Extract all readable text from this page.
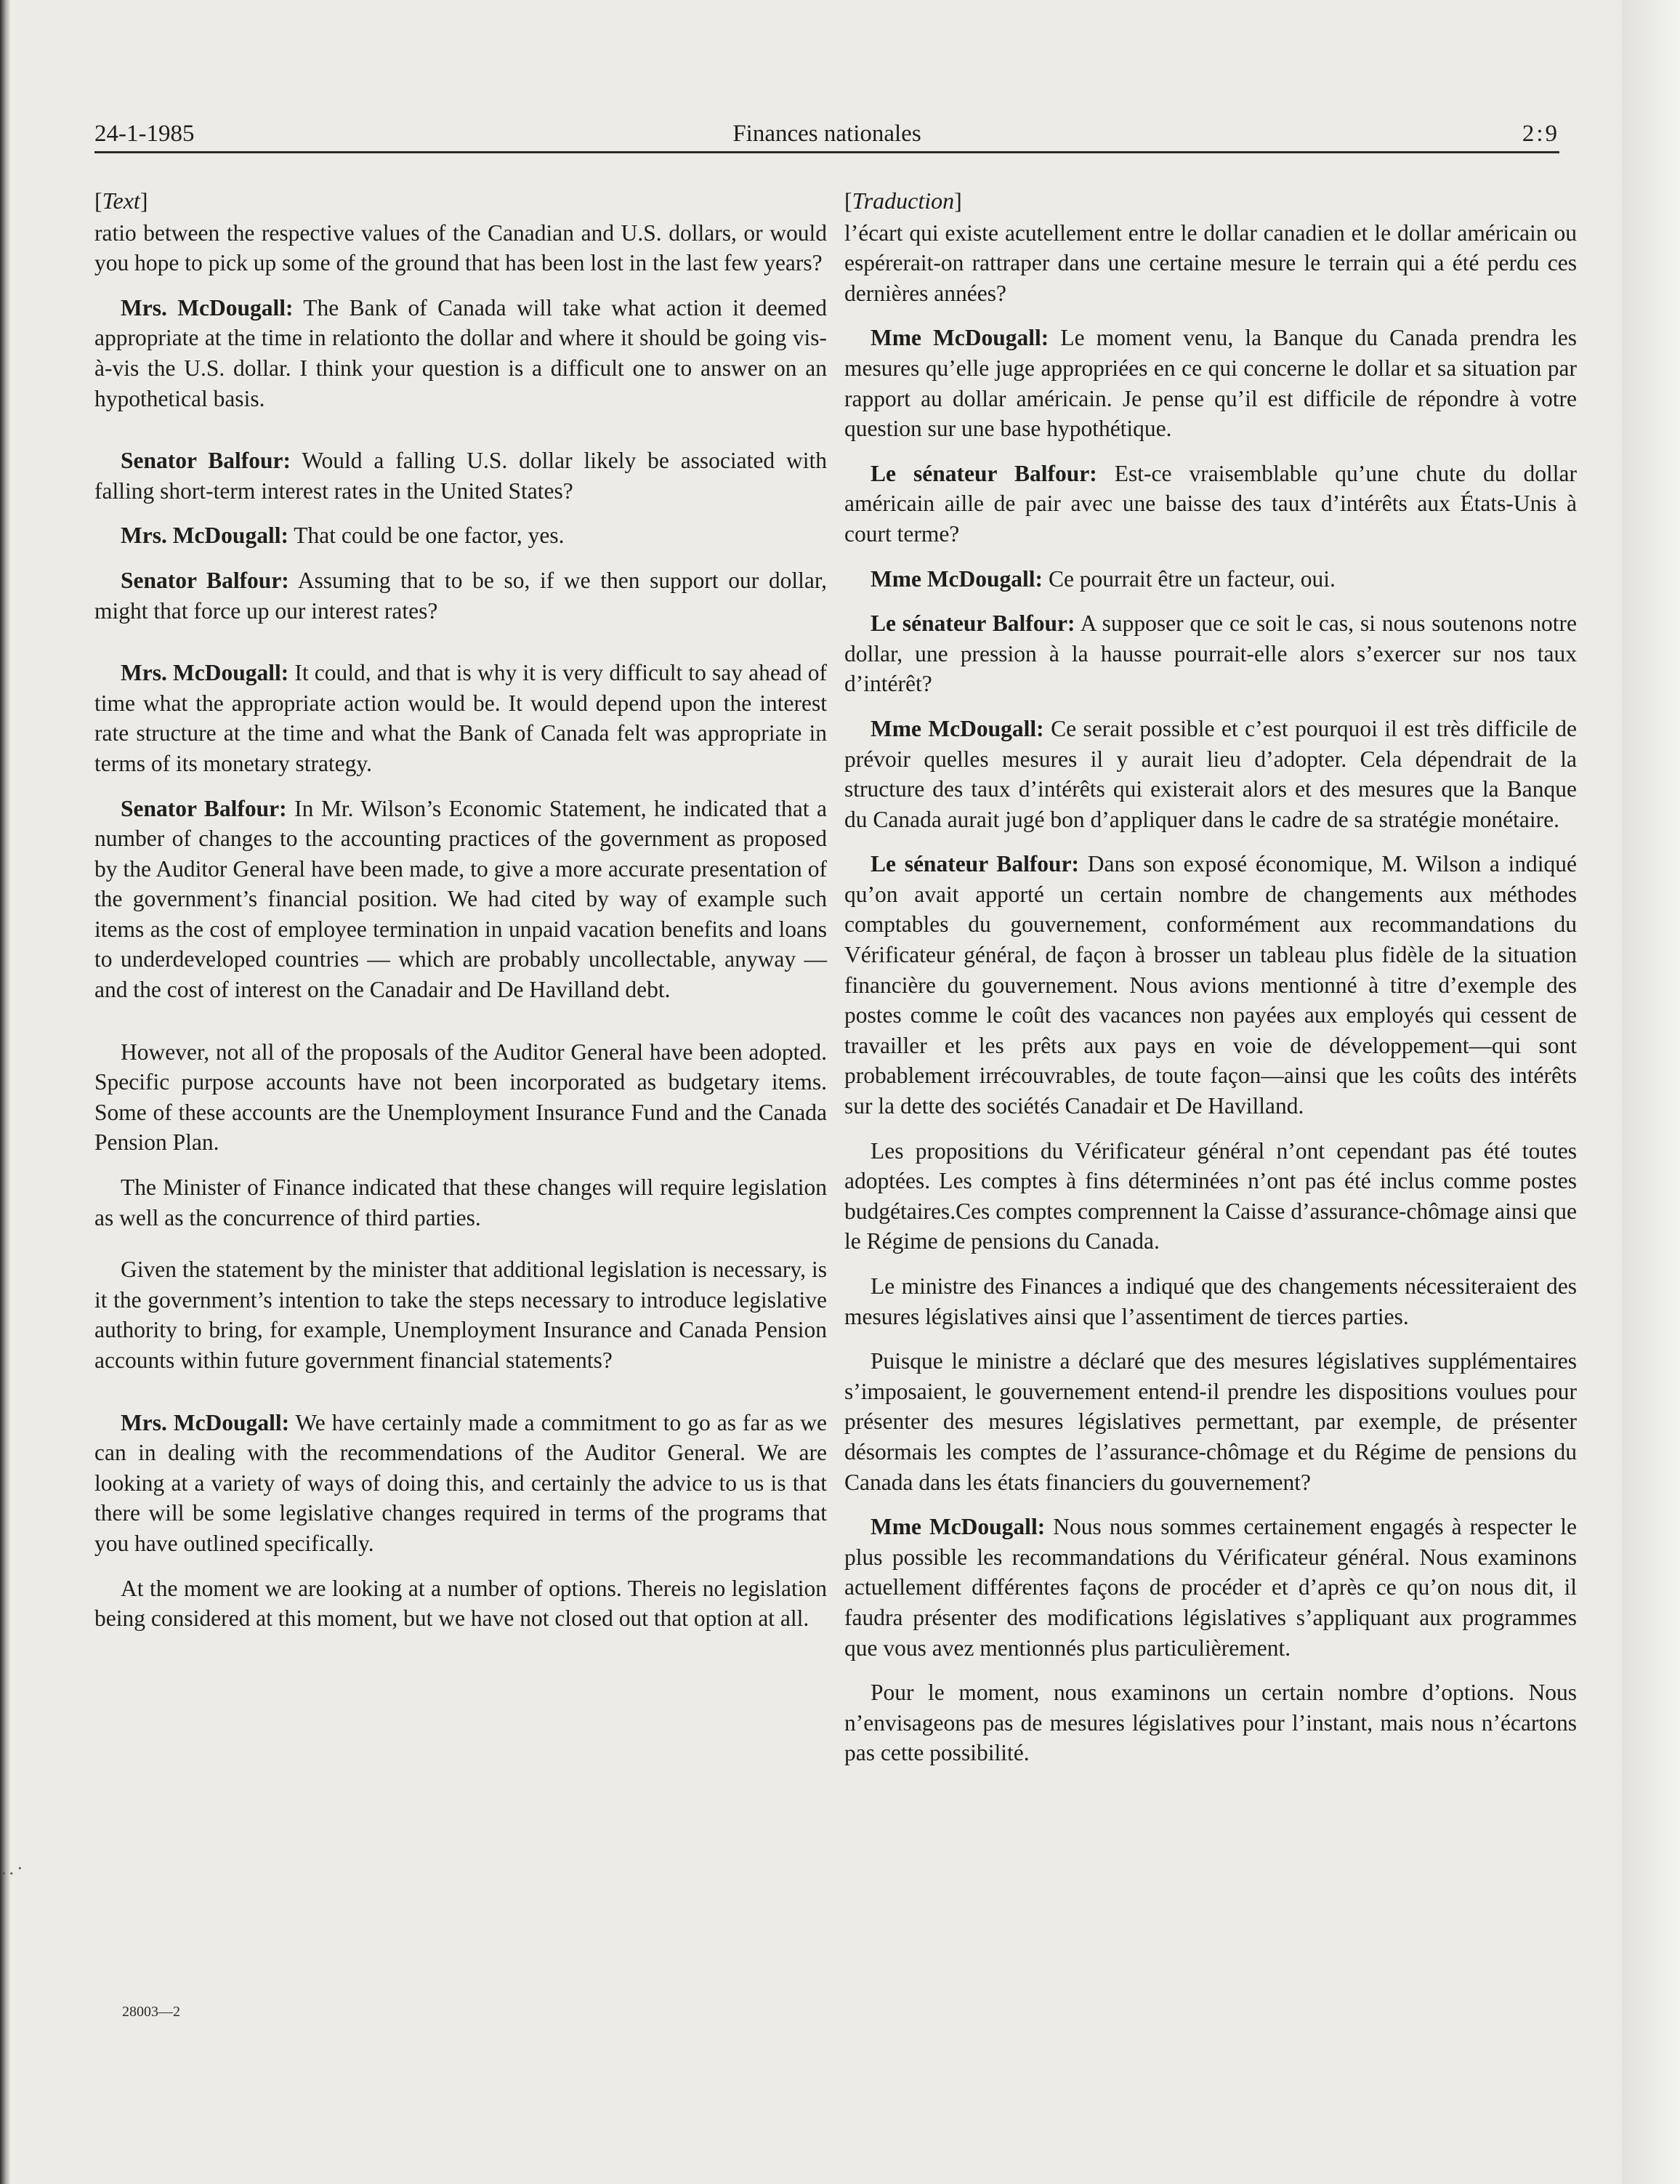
..·
24-1-1985	Finances nationales	2:9
[Text]

ratio between the respective values of the Canadian and U.S. dollars, or would you hope to pick up some of the ground that has been lost in the last few years?

Mrs. McDougall: The Bank of Canada will take what action it deemed appropriate at the time in relationto the dollar and where it should be going vis-à-vis the U.S. dollar. I think your question is a difficult one to answer on an hypothetical basis.

Senator Balfour: Would a falling U.S. dollar likely be associated with falling short-term interest rates in the United States?

Mrs. McDougall: That could be one factor, yes.

Senator Balfour: Assuming that to be so, if we then support our dollar, might that force up our interest rates?

Mrs. McDougall: It could, and that is why it is very difficult to say ahead of time what the appropriate action would be. It would depend upon the interest rate structure at the time and what the Bank of Canada felt was appropriate in terms of its monetary strategy.

Senator Balfour: In Mr. Wilson’s Economic Statement, he indicated that a number of changes to the accounting practices of the government as proposed by the Auditor General have been made, to give a more accurate presentation of the government’s financial position. We had cited by way of example such items as the cost of employee termination in unpaid vacation benefits and loans to underdeveloped countries — which are probably uncollectable, anyway — and the cost of interest on the Canadair and De Havilland debt.

However, not all of the proposals of the Auditor General have been adopted. Specific purpose accounts have not been incorporated as budgetary items. Some of these accounts are the Unemployment Insurance Fund and the Canada Pension Plan.

The Minister of Finance indicated that these changes will require legislation as well as the concurrence of third parties.

Given the statement by the minister that additional legislation is necessary, is it the government’s intention to take the steps necessary to introduce legislative authority to bring, for example, Unemployment Insurance and Canada Pension accounts within future government financial statements?

Mrs. McDougall: We have certainly made a commitment to go as far as we can in dealing with the recommendations of the Auditor General. We are looking at a variety of ways of doing this, and certainly the advice to us is that there will be some legislative changes required in terms of the programs that you have outlined specifically.

At the moment we are looking at a number of options. Thereis no legislation being considered at this moment, but we have not closed out that option at all.

[Traduction]

l’écart qui existe acutellement entre le dollar canadien et le dollar américain ou espérerait-on rattraper dans une certaine mesure le terrain qui a été perdu ces dernières années?

Mme McDougall: Le moment venu, la Banque du Canada prendra les mesures qu’elle juge appropriées en ce qui concerne le dollar et sa situation par rapport au dollar américain. Je pense qu’il est difficile de répondre à votre question sur une base hypothétique.

Le sénateur Balfour: Est-ce vraisemblable qu’une chute du dollar américain aille de pair avec une baisse des taux d’intérêts aux États-Unis à court terme?

Mme McDougall: Ce pourrait être un facteur, oui.

Le sénateur Balfour: A supposer que ce soit le cas, si nous soutenons notre dollar, une pression à la hausse pourrait-elle alors s’exercer sur nos taux d’intérêt?

Mme McDougall: Ce serait possible et c’est pourquoi il est très difficile de prévoir quelles mesures il y aurait lieu d’adopter. Cela dépendrait de la structure des taux d’intérêts qui existerait alors et des mesures que la Banque du Canada aurait jugé bon d’appliquer dans le cadre de sa stratégie monétaire.

Le sénateur Balfour: Dans son exposé économique, M. Wilson a indiqué qu’on avait apporté un certain nombre de changements aux méthodes comptables du gouvernement, conformément aux recommandations du Vérificateur général, de façon à brosser un tableau plus fidèle de la situation financière du gouvernement. Nous avions mentionné à titre d’exemple des postes comme le coût des vacances non payées aux employés qui cessent de travailler et les prêts aux pays en voie de développement—qui sont probablement irrécouvrables, de toute façon—ainsi que les coûts des intérêts sur la dette des sociétés Canadair et De Havilland.

Les propositions du Vérificateur général n’ont cependant pas été toutes adoptées. Les comptes à fins déterminées n’ont pas été inclus comme postes budgétaires.Ces comptes comprennent la Caisse d’assurance-chômage ainsi que le Régime de pensions du Canada.

Le ministre des Finances a indiqué que des changements nécessiteraient des mesures législatives ainsi que l’assentiment de tierces parties.

Puisque le ministre a déclaré que des mesures législatives supplémentaires s’imposaient, le gouvernement entend-il prendre les dispositions voulues pour présenter des mesures législatives permettant, par exemple, de présenter désormais les comptes de l’assurance-chômage et du Régime de pensions du Canada dans les états financiers du gouvernement?

Mme McDougall: Nous nous sommes certainement engagés à respecter le plus possible les recommandations du Vérificateur général. Nous examinons actuellement différentes façons de procéder et d’après ce qu’on nous dit, il faudra présenter des modifications législatives s’appliquant aux programmes que vous avez mentionnés plus particulièrement.

Pour le moment, nous examinons un certain nombre d’options. Nous n’envisageons pas de mesures législatives pour l’instant, mais nous n’écartons pas cette possibilité.

28003—2
